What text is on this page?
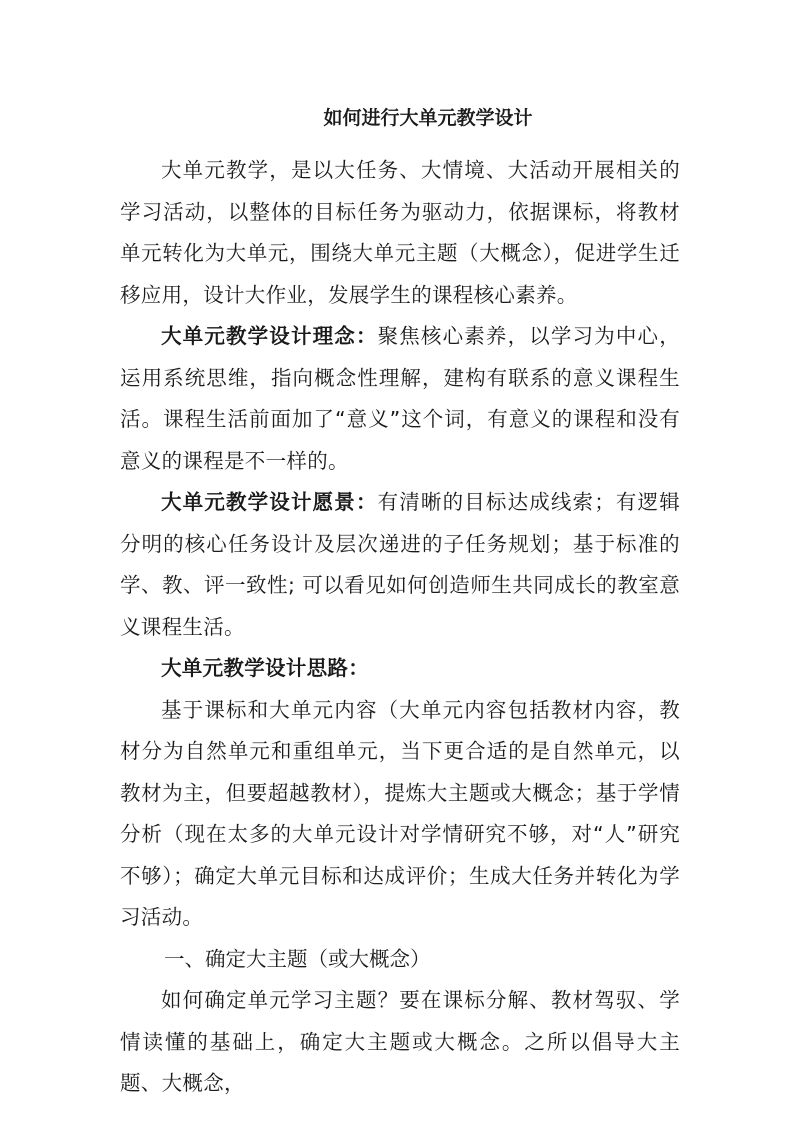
如何进行大单元教学设计

大单元教学，是以大任务、大情境、大活动开展相关的学习活动，以整体的目标任务为驱动力，依据课标，将教材单元转化为大单元，围绕大单元主题（大概念），促进学生迁移应用，设计大作业，发展学生的课程核心素养。

大单元教学设计理念：聚焦核心素养，以学习为中心，运用系统思维，指向概念性理解，建构有联系的意义课程生活。课程生活前面加了“意义”这个词，有意义的课程和没有意义的课程是不一样的。

大单元教学设计愿景：有清晰的目标达成线索；有逻辑分明的核心任务设计及层次递进的子任务规划；基于标准的学、教、评一致性; 可以看见如何创造师生共同成长的教室意义课程生活。

大单元教学设计思路：

基于课标和大单元内容（大单元内容包括教材内容，教材分为自然单元和重组单元，当下更合适的是自然单元，以教材为主，但要超越教材），提炼大主题或大概念；基于学情分析（现在太多的大单元设计对学情研究不够，对“人”研究不够）；确定大单元目标和达成评价；生成大任务并转化为学习活动。

一、确定大主题（或大概念）

如何确定单元学习主题？要在课标分解、教材驾驭、学情读懂的基础上，确定大主题或大概念。之所以倡导大主题、大概念，
